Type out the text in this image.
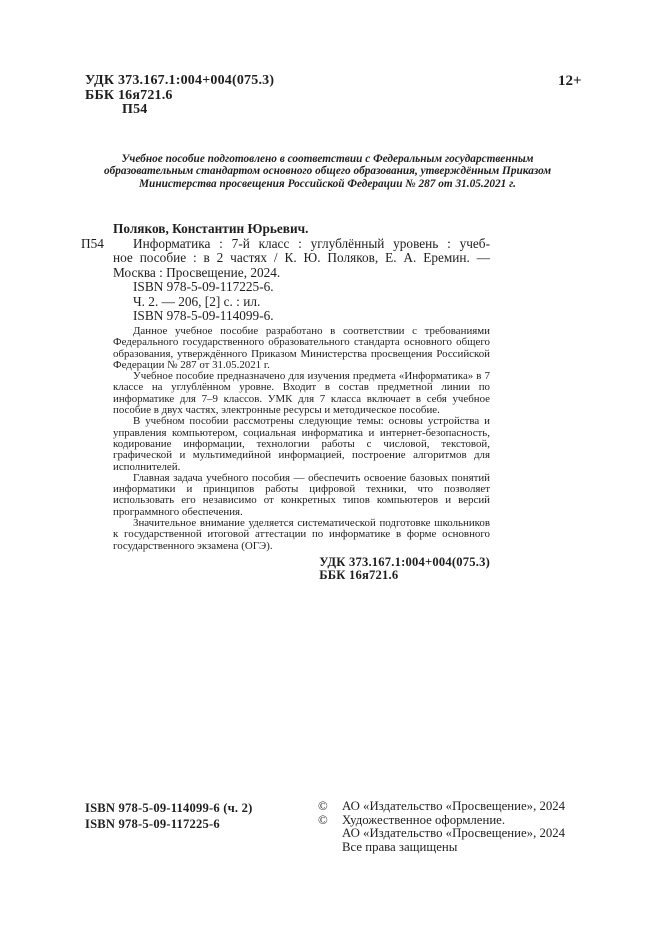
УДК 373.167.1:004+004(075.3)
ББК 16я721.6
П54
12+
Учебное пособие подготовлено в соответствии с Федеральным государственным образовательным стандартом основного общего образования, утверждённым Приказом Министерства просвещения Российской Федерации № 287 от 31.05.2021 г.
П54
Поляков, Константин Юрьевич.
Информатика : 7-й класс : углублённый уровень : учеб-
ное пособие : в 2 частях / К. Ю. Поляков, Е. А. Еремин. —
Москва : Просвещение, 2024.
ISBN 978-5-09-117225-6.
Ч. 2. — 206, [2] с. : ил.
ISBN 978-5-09-114099-6.

Данное учебное пособие разработано в соответствии с требованиями Федерального государственного образовательного стандарта основного общего образования, утверждённого Приказом Министерства просвещения Российской Федерации № 287 от 31.05.2021 г.

Учебное пособие предназначено для изучения предмета «Информатика» в 7 классе на углублённом уровне. Входит в состав предметной линии по информатике для 7–9 классов. УМК для 7 класса включает в себя учебное пособие в двух частях, электронные ресурсы и методическое пособие.

В учебном пособии рассмотрены следующие темы: основы устройства и управления компьютером, социальная информатика и интернет-безопасность, кодирование информации, технологии работы с числовой, текстовой, графической и мультимедийной информацией, построение алгоритмов для исполнителей.

Главная задача учебного пособия — обеспечить освоение базовых понятий информатики и принципов работы цифровой техники, что позволяет использовать его независимо от конкретных типов компьютеров и версий программного обеспечения.

Значительное внимание уделяется систематической подготовке школьников к государственной итоговой аттестации по информатике в форме основного государственного экзамена (ОГЭ).

УДК 373.167.1:004+004(075.3)
ББК 16я721.6
ISBN 978-5-09-114099-6 (ч. 2)
ISBN 978-5-09-117225-6
©	АО «Издательство «Просвещение», 2024
©	Художественное оформление.
АО «Издательство «Просвещение», 2024
Все права защищены
